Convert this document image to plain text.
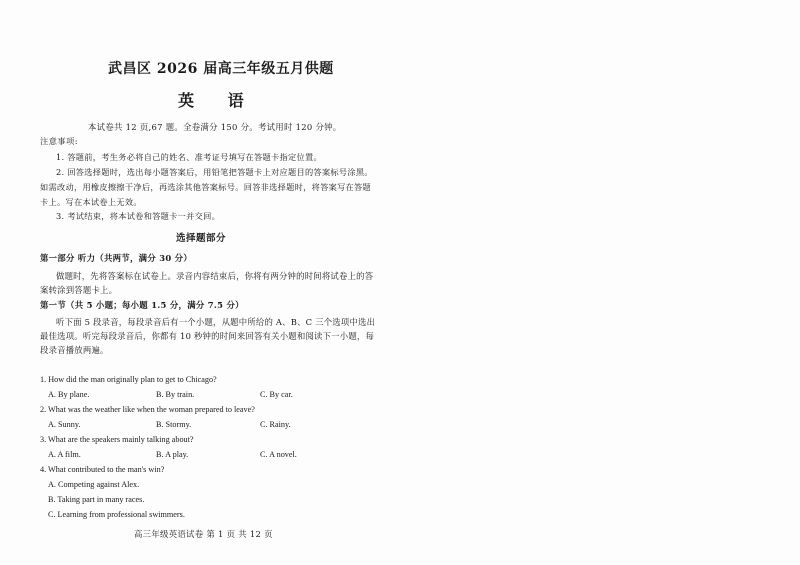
武昌区 2026 届高三年级五月供题
英 语
本试卷共 12 页,67 题。全卷满分 150 分。考试用时 120 分钟。
注意事项:
1. 答题前，考生务必将自己的姓名、准考证号填写在答题卡指定位置。
2. 回答选择题时，选出每小题答案后，用铅笔把答题卡上对应题目的答案标号涂黑。
如需改动，用橡皮擦擦干净后，再选涂其他答案标号。回答非选择题时，将答案写在答题
卡上。写在本试卷上无效。
3. 考试结束，将本试卷和答题卡一并交回。
选择题部分
第一部分 听力（共两节，满分 30 分）
做题时，先将答案标在试卷上。录音内容结束后，你将有两分钟的时间将试卷上的答
案转涂到答题卡上。
第一节（共 5 小题；每小题 1.5 分，满分 7.5 分）
听下面 5 段录音，每段录音后有一个小题，从题中所给的 A、B、C 三个选项中选出
最佳选项。听完每段录音后，你都有 10 秒钟的时间来回答有关小题和阅读下一小题，每
段录音播放两遍。
1. How did the man originally plan to get to Chicago?
A. By plane.	B. By train.	C. By car.
2. What was the weather like when the woman prepared to leave?
A. Sunny.	B. Stormy.	C. Rainy.
3. What are the speakers mainly talking about?
A. A film.	B. A play.	C. A novel.
4. What contributed to the man's win?
A. Competing against Alex.
B. Taking part in many races.
C. Learning from professional swimmers.
高三年级英语试卷 第 1 页 共 12 页
